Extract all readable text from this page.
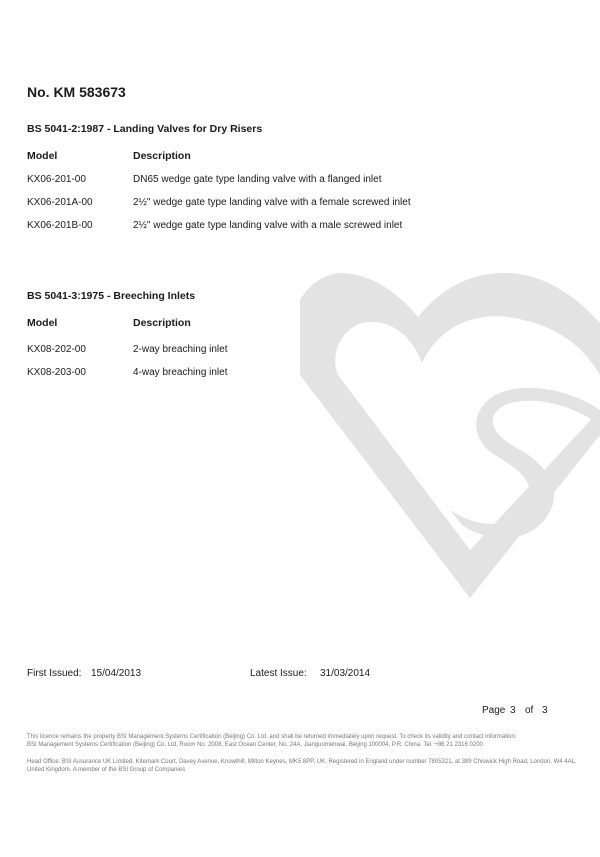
No. KM 583673
BS 5041-2:1987 - Landing Valves for Dry Risers
Model	Description
KX06-201-00	DN65 wedge gate type landing valve with a flanged inlet
KX06-201A-00	2½" wedge gate type landing valve with a female screwed inlet
KX06-201B-00	2½" wedge gate type landing valve with a male screwed inlet
BS 5041-3:1975 - Breeching Inlets
Model	Description
KX08-202-00	2-way breaching inlet
KX08-203-00	4-way breaching inlet
First Issued: 15/04/2013	Latest Issue: 31/03/2014
Page 3 of 3
This licence remains the property BSI Management Systems Certification (Beijing) Co. Ltd. and shall be returned immediately upon request. To check its validity and contact information:
BSI Management Systems Certification (Beijing) Co. Ltd, Room No. 2008, East Ocean Center, No. 24A, Jianguomenwai, Beijing 100004, P.R. China. Tel. +86 21 2316 0200
Head Office: BSI Assurance UK Limited, Kitemark Court, Davey Avenue, Knowlhill, Milton Keynes, MK5 8PP, UK. Registered in England under number 7805321, at 389 Chiswick High Road, London, W4 4AL, United Kingdom. A member of the BSI Group of Companies
